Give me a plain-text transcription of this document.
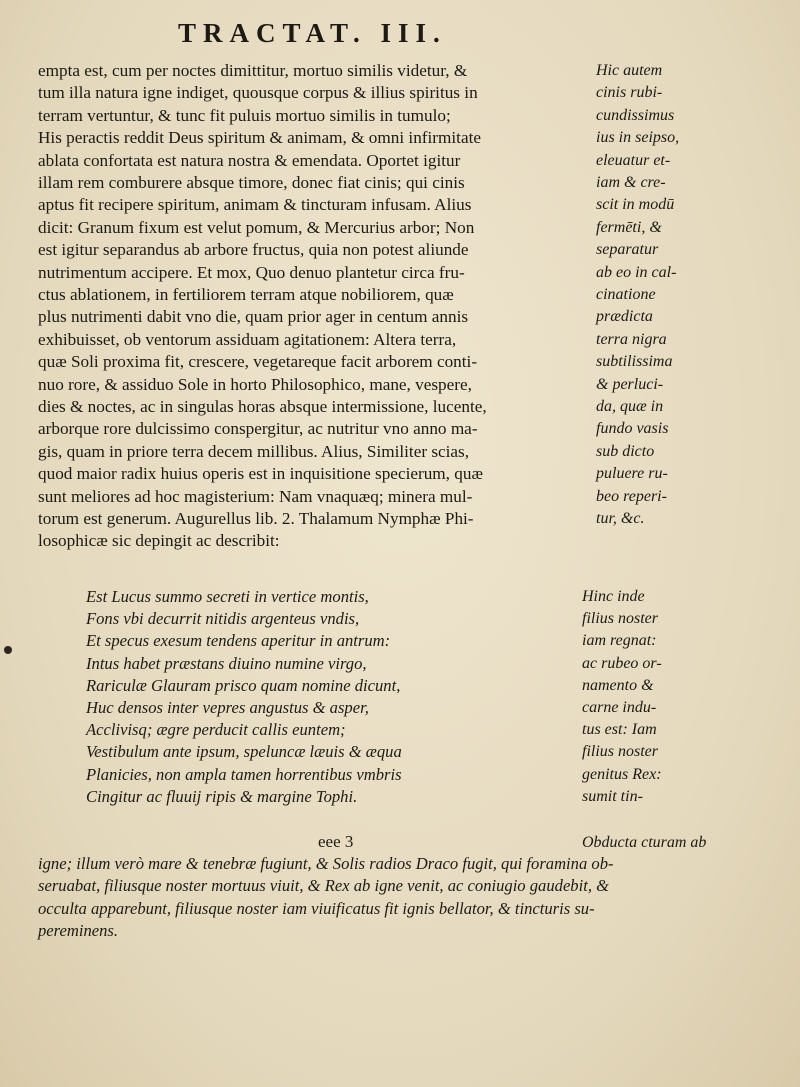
TRACTAT. III.
empta est, cum per noctes dimittitur, mortuo similis videtur, &
tum illa natura igne indiget, quousque corpus & illius spiritus in
terram vertuntur, & tunc fit puluis mortuo similis in tumulo;
His peractis reddit Deus spiritum & animam, & omni infirmitate
ablata confortata est natura nostra & emendata. Oportet igitur
illam rem comburere absque timore, donec fiat cinis; qui cinis
aptus fit recipere spiritum, animam & tincturam infusam. Alius
dicit: Granum fixum est velut pomum, & Mercurius arbor; Non
est igitur separandus ab arbore fructus, quia non potest aliunde
nutrimentum accipere. Et mox, Quo denuo plantetur circa fru-
ctus ablationem, in fertiliorem terram atque nobiliorem, quæ
plus nutrimenti dabit vno die, quam prior ager in centum annis
exhibuisset, ob ventorum assiduam agitationem: Altera terra,
quæ Soli proxima fit, crescere, vegetareque facit arborem conti-
nuo rore, & assiduo Sole in horto Philosophico, mane, vespere,
dies & noctes, ac in singulas horas absque intermissione, lucente,
arborque rore dulcissimo conspergitur, ac nutritur vno anno ma-
gis, quam in priore terra decem millibus. Alius, Similiter scias,
quod maior radix huius operis est in inquisitione specierum, quæ
sunt meliores ad hoc magisterium: Nam vnaquæq; minera mul-
torum est generum. Augurellus lib. 2. Thalamum Nymphæ Phi-
losophicæ sic depingit ac describit:
Hic autem
cinis rubi-
cundissimus
ius in seipso,
eleuatur et-
iam & cre-
scit in modū
fermēti, &
separatur
ab eo in cal-
cinatione
prædicta
terra nigra
subtilissima
& perluci-
da, quæ in
fundo vasis
sub dicto
puluere ru-
beo reperi-
tur, &c.
Est Lucus summo secreti in vertice montis,
Fons vbi decurrit nitidis argenteus vndis,
Et specus exesum tendens aperitur in antrum:
Intus habet præstans diuino numine virgo,
Rariculæ Glauram prisco quam nomine dicunt,
Huc densos inter vepres angustus & asper,
Acclivisq; ægre perducit callis euntem;
Vestibulum ante ipsum, speluncæ læuis & æqua
Planicies, non ampla tamen horrentibus vmbris
Cingitur ac fluuij ripis & margine Tophi.
Hinc inde
filius noster
iam regnat:
ac rubeo or-
namento &
carne indu-
tus est: Iam
filius noster
genitus Rex:
sumit tin-
eee 3	Obducta cturam ab
igne; illum verò mare & tenebræ fugiunt, & Solis radios Draco fugit, qui foramina ob-
seruabat, filiusque noster mortuus viuit, & Rex ab igne venit, ac coniugio gaudebit, &
occulta apparebunt, filiusque noster iam viuificatus fit ignis bellator, & tincturis su-
pereminens.
